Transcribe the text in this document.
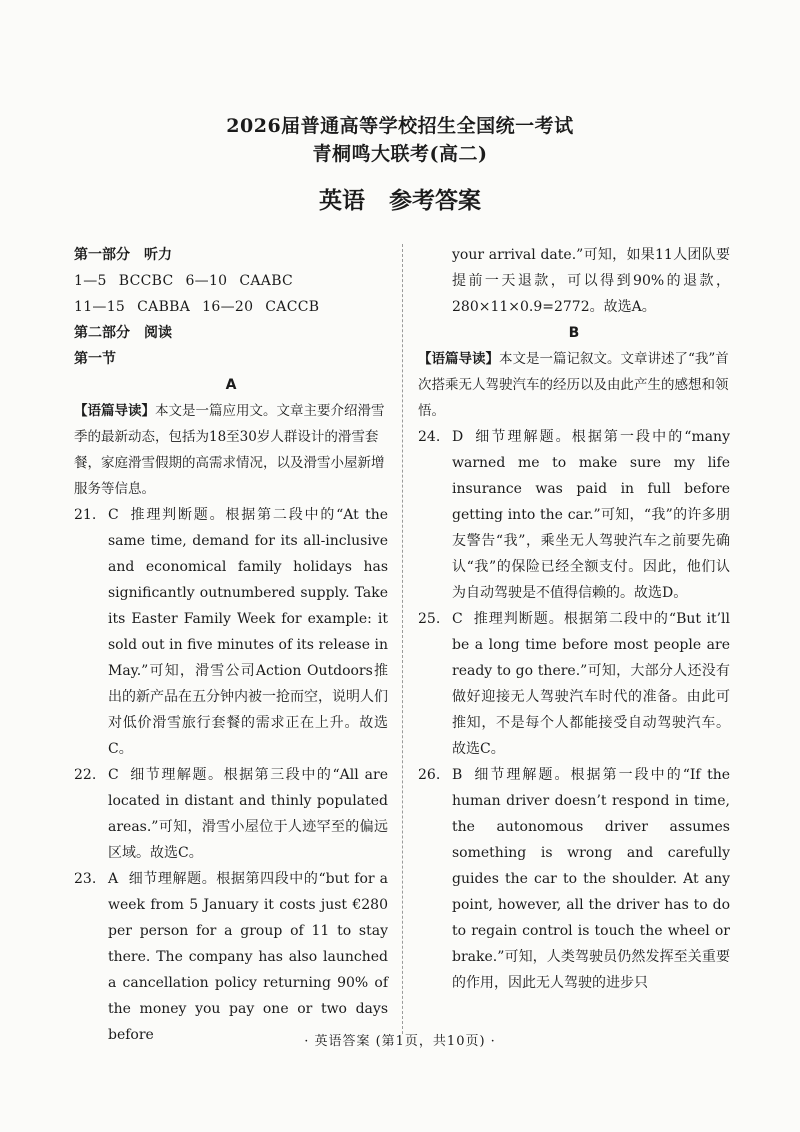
2026届普通高等学校招生全国统一考试
青桐鸣大联考(高二)
英语 参考答案
第一部分 听力
1—5 BCCBC 6—10 CAABC
11—15 CABBA 16—20 CACCB
第二部分 阅读
第一节
A
【语篇导读】本文是一篇应用文。文章主要介绍滑雪季的最新动态，包括为18至30岁人群设计的滑雪套餐，家庭滑雪假期的高需求情况，以及滑雪小屋新增服务等信息。
21. C 推理判断题。根据第二段中的“At the same time, demand for its all-inclusive and economical family holidays has significantly outnumbered supply. Take its Easter Family Week for example: it sold out in five minutes of its release in May.”可知，滑雪公司Action Outdoors推出的新产品在五分钟内被一抢而空，说明人们对低价滑雪旅行套餐的需求正在上升。故选C。
22. C 细节理解题。根据第三段中的“All are located in distant and thinly populated areas.”可知，滑雪小屋位于人迹罕至的偏远区域。故选C。
23. A 细节理解题。根据第四段中的“but for a week from 5 January it costs just €280 per person for a group of 11 to stay there. The company has also launched a cancellation policy returning 90% of the money you pay one or two days before
your arrival date.”可知，如果11人团队要提前一天退款，可以得到90%的退款，280×11×0.9=2772。故选A。
B
【语篇导读】本文是一篇记叙文。文章讲述了“我”首次搭乘无人驾驶汽车的经历以及由此产生的感想和领悟。
24. D 细节理解题。根据第一段中的“many warned me to make sure my life insurance was paid in full before getting into the car.”可知，“我”的许多朋友警告“我”，乘坐无人驾驶汽车之前要先确认“我”的保险已经全额支付。因此，他们认为自动驾驶是不值得信赖的。故选D。
25. C 推理判断题。根据第二段中的“But it’ll be a long time before most people are ready to go there.”可知，大部分人还没有做好迎接无人驾驶汽车时代的准备。由此可推知，不是每个人都能接受自动驾驶汽车。故选C。
26. B 细节理解题。根据第一段中的“If the human driver doesn’t respond in time, the autonomous driver assumes something is wrong and carefully guides the car to the shoulder. At any point, however, all the driver has to do to regain control is touch the wheel or brake.”可知，人类驾驶员仍然发挥至关重要的作用，因此无人驾驶的进步只
· 英语答案 (第1页，共10页) ·
